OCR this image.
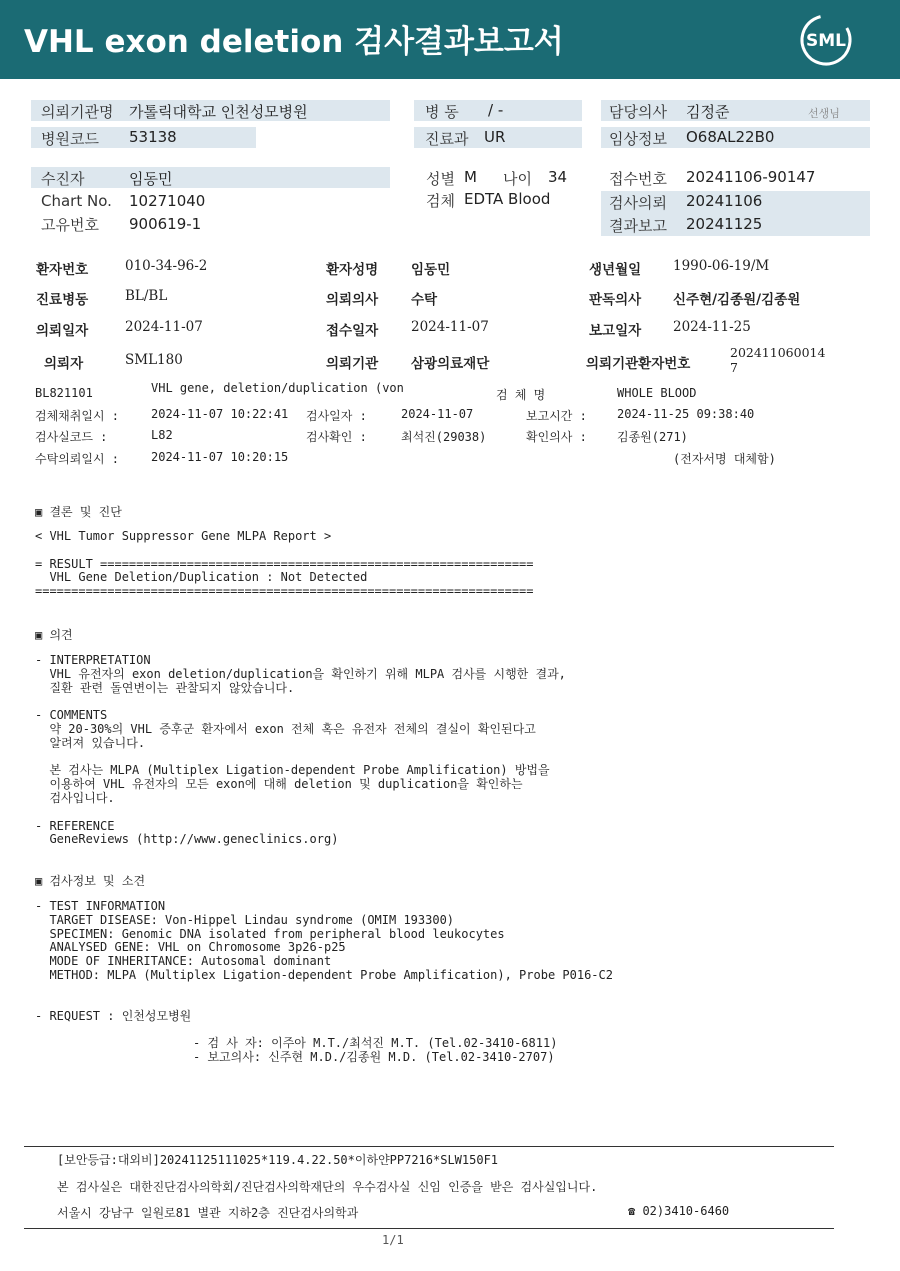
VHL exon deletion 검사결과보고서	SML
의뢰기관명 가톨릭대학교 인천성모병원
병원코드 53138
병 동 / -
진료과 UR
담당의사 김정준	선생님
임상정보 O68AL22B0
수진자	임동민
Chart No. 10271040
고유번호 900619-1
성별 M 나이 34
검체 EDTA Blood
접수번호 20241106-90147
검사의뢰 20241106
결과보고 20241125
환자번호	010-34-96-2	환자성명 임동민	생년월일 1990-06-19/M
진료병동	BL/BL	의뢰의사 수탁	판독의사 신주현/김종원/김종원
의뢰일자	2024-11-07	접수일자 2024-11-07	보고일자 2024-11-25
의뢰자	SML180	의뢰기관 삼광의료재단	의뢰기관환자번호
202411060014
7
BL821101	VHL gene, deletion/duplication (von	검 체 명	WHOLE BLOOD
검체채취일시 :	2024-11-07 10:22:41 검사일자 :	2024-11-07	보고시간 :	2024-11-25 09:38:40
검사실코드 :	L82	검사확인 :	최석진(29038)	확인의사 :	김종원(271)
수탁의뢰일시 :	2024-11-07 10:20:15	(전자서명 대체함)
▣ 결론 및 진단
< VHL Tumor Suppressor Gene MLPA Report >

= RESULT ============================================================
VHL Gene Deletion/Duplication : Not Detected
=====================================================================
▣ 의견
- INTERPRETATION
VHL 유전자의 exon deletion/duplication을 확인하기 위해 MLPA 검사를 시행한 결과,
질환 관련 돌연변이는 관찰되지 않았습니다.

- COMMENTS
약 20-30%의 VHL 증후군 환자에서 exon 전체 혹은 유전자 전체의 결실이 확인된다고
알려져 있습니다.

본 검사는 MLPA (Multiplex Ligation-dependent Probe Amplification) 방법을
이용하여 VHL 유전자의 모든 exon에 대해 deletion 및 duplication을 확인하는
검사입니다.

- REFERENCE
GeneReviews (http://www.geneclinics.org)
▣ 검사정보 및 소견
- TEST INFORMATION
TARGET DISEASE: Von-Hippel Lindau syndrome (OMIM 193300)
SPECIMEN: Genomic DNA isolated from peripheral blood leukocytes
ANALYSED GENE: VHL on Chromosome 3p26-p25
MODE OF INHERITANCE: Autosomal dominant
METHOD: MLPA (Multiplex Ligation-dependent Probe Amplification), Probe P016-C2
- REQUEST : 인천성모병원
- 검 사 자: 이주아 M.T./최석진 M.T. (Tel.02-3410-6811)
- 보고의사: 신주현 M.D./김종원 M.D. (Tel.02-3410-2707)
[보안등급:대외비]20241125111025*119.4.22.50*이하얀PP7216*SLW150F1
본 검사실은 대한진단검사의학회/진단검사의학재단의 우수검사실 신임 인증을 받은 검사실입니다.
서울시 강남구 일원로81 별관 지하2층 진단검사의학과	☎ 02)3410-6460
1/1
